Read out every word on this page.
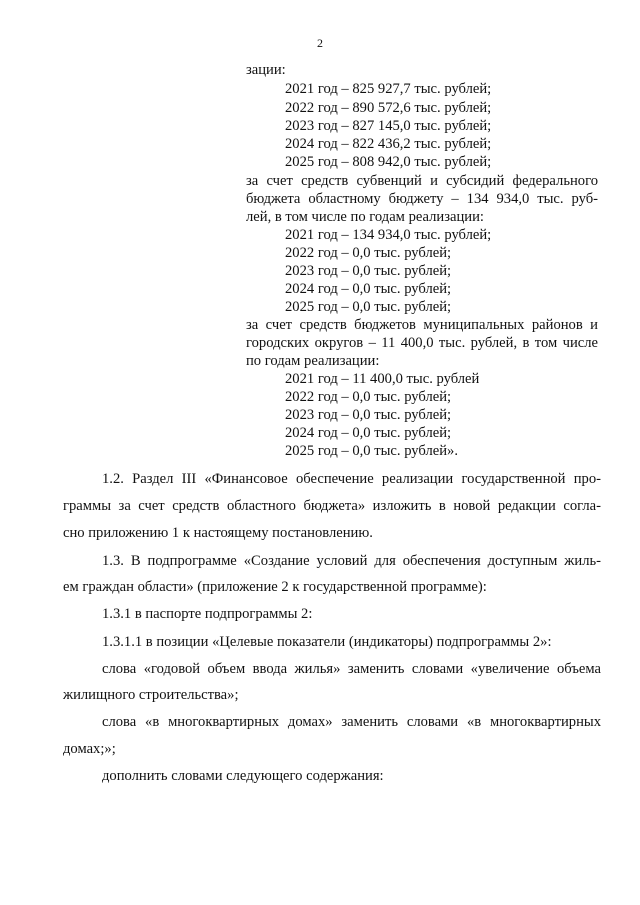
2
зации:
2021 год – 825 927,7 тыс. рублей;
2022 год – 890 572,6 тыс. рублей;
2023 год – 827 145,0 тыс. рублей;
2024 год – 822 436,2 тыс. рублей;
2025 год – 808 942,0 тыс. рублей;
за счет средств субвенций и субсидий федерального
бюджета областному бюджету – 134 934,0 тыс. руб-
лей, в том числе по годам реализации:
2021 год – 134 934,0 тыс. рублей;
2022 год – 0,0 тыс. рублей;
2023 год – 0,0 тыс. рублей;
2024 год – 0,0 тыс. рублей;
2025 год – 0,0 тыс. рублей;
за счет средств бюджетов муниципальных районов и
городских округов – 11 400,0 тыс. рублей, в том числе
по годам реализации:
2021 год – 11 400,0 тыс. рублей
2022 год – 0,0 тыс. рублей;
2023 год – 0,0 тыс. рублей;
2024 год – 0,0 тыс. рублей;
2025 год – 0,0 тыс. рублей».
1.2. Раздел III «Финансовое обеспечение реализации государственной про-
граммы за счет средств областного бюджета» изложить в новой редакции согла-
сно приложению 1 к настоящему постановлению.
1.3. В подпрограмме «Создание условий для обеспечения доступным жиль-
ем граждан области» (приложение 2 к государственной программе):
1.3.1 в паспорте подпрограммы 2:
1.3.1.1 в позиции «Целевые показатели (индикаторы) подпрограммы 2»:
слова «годовой объем ввода жилья» заменить словами «увеличение объема
жилищного строительства»;
слова «в многоквартирных домах» заменить словами «в многоквартирных
домах;»;
дополнить словами следующего содержания:
